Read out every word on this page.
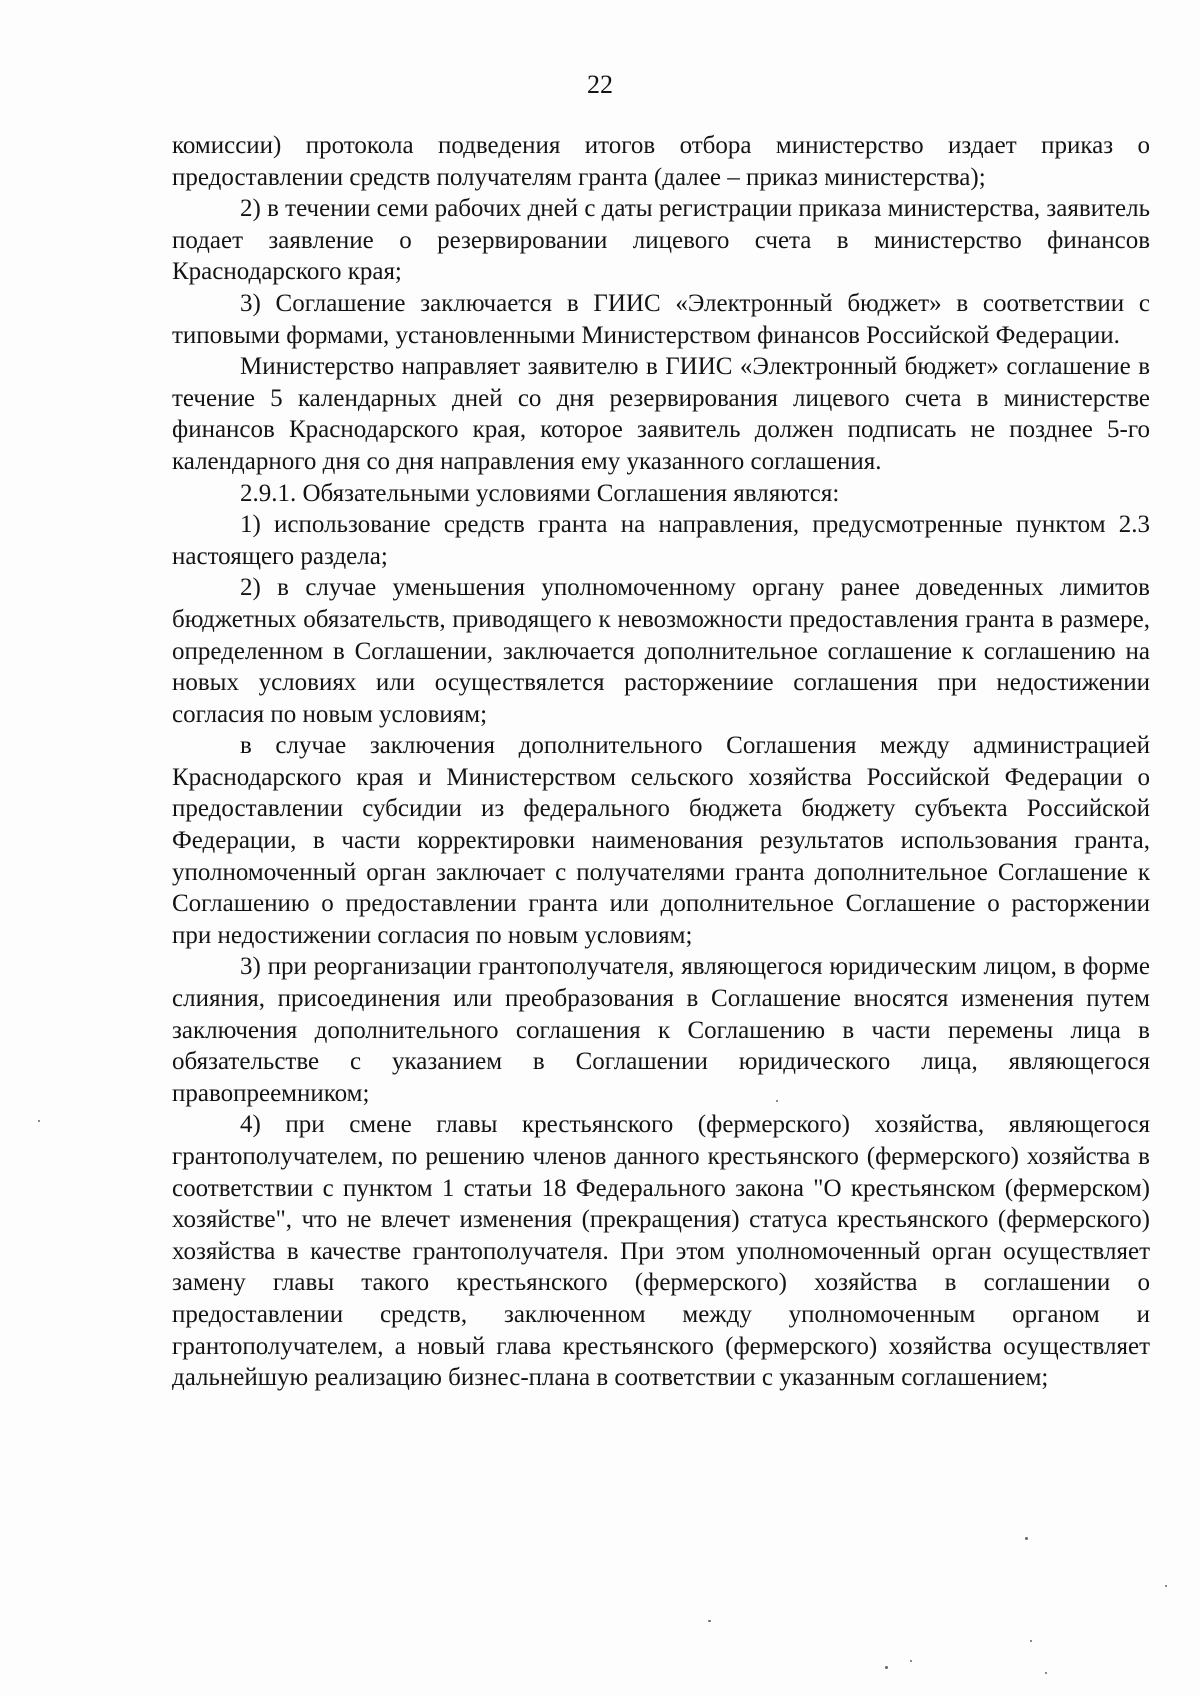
22

комиссии) протокола подведения итогов отбора министерство издает приказ о предоставлении средств получателям гранта (далее – приказ министерства);

2) в течении семи рабочих дней с даты регистрации приказа министерства, заявитель подает заявление о резервировании лицевого счета в министерство финансов Краснодарского края;

3) Соглашение заключается в ГИИС «Электронный бюджет» в соответствии с типовыми формами, установленными Министерством финансов Российской Федерации.

Министерство направляет заявителю в ГИИС «Электронный бюджет» соглашение в течение 5 календарных дней со дня резервирования лицевого счета в министерстве финансов Краснодарского края, которое заявитель должен подписать не позднее 5-го календарного дня со дня направления ему указанного соглашения.

2.9.1. Обязательными условиями Соглашения являются:

1) использование средств гранта на направления, предусмотренные пунктом 2.3 настоящего раздела;

2) в случае уменьшения уполномоченному органу ранее доведенных лимитов бюджетных обязательств, приводящего к невозможности предоставления гранта в размере, определенном в Соглашении, заключается дополнительное соглашение к соглашению на новых условиях или осуществялется расторжениие соглашения при недостижении согласия по новым условиям;

в случае заключения дополнительного Соглашения между администрацией Краснодарского края и Министерством сельского хозяйства Российской Федерации о предоставлении субсидии из федерального бюджета бюджету субъекта Российской Федерации, в части корректировки наименования результатов использования гранта, уполномоченный орган заключает с получателями гранта дополнительное Соглашение к Соглашению о предоставлении гранта или дополнительное Соглашение о расторжении при недостижении согласия по новым условиям;

3) при реорганизации грантополучателя, являющегося юридическим лицом, в форме слияния, присоединения или преобразования в Соглашение вносятся изменения путем заключения дополнительного соглашения к Соглашению в части перемены лица в обязательстве с указанием в Соглашении юридического лица, являющегося правопреемником;

4) при смене главы крестьянского (фермерского) хозяйства, являющегося грантополучателем, по решению членов данного крестьянского (фермерского) хозяйства в соответствии с пунктом 1 статьи 18 Федерального закона "О крестьянском (фермерском) хозяйстве", что не влечет изменения (прекращения) статуса крестьянского (фермерского) хозяйства в качестве грантополучателя. При этом уполномоченный орган осуществляет замену главы такого крестьянского (фермерского) хозяйства в соглашении о предоставлении средств, заключенном между уполномоченным органом и грантополучателем, а новый глава крестьянского (фермерского) хозяйства осуществляет дальнейшую реализацию бизнес-плана в соответствии с указанным соглашением;
